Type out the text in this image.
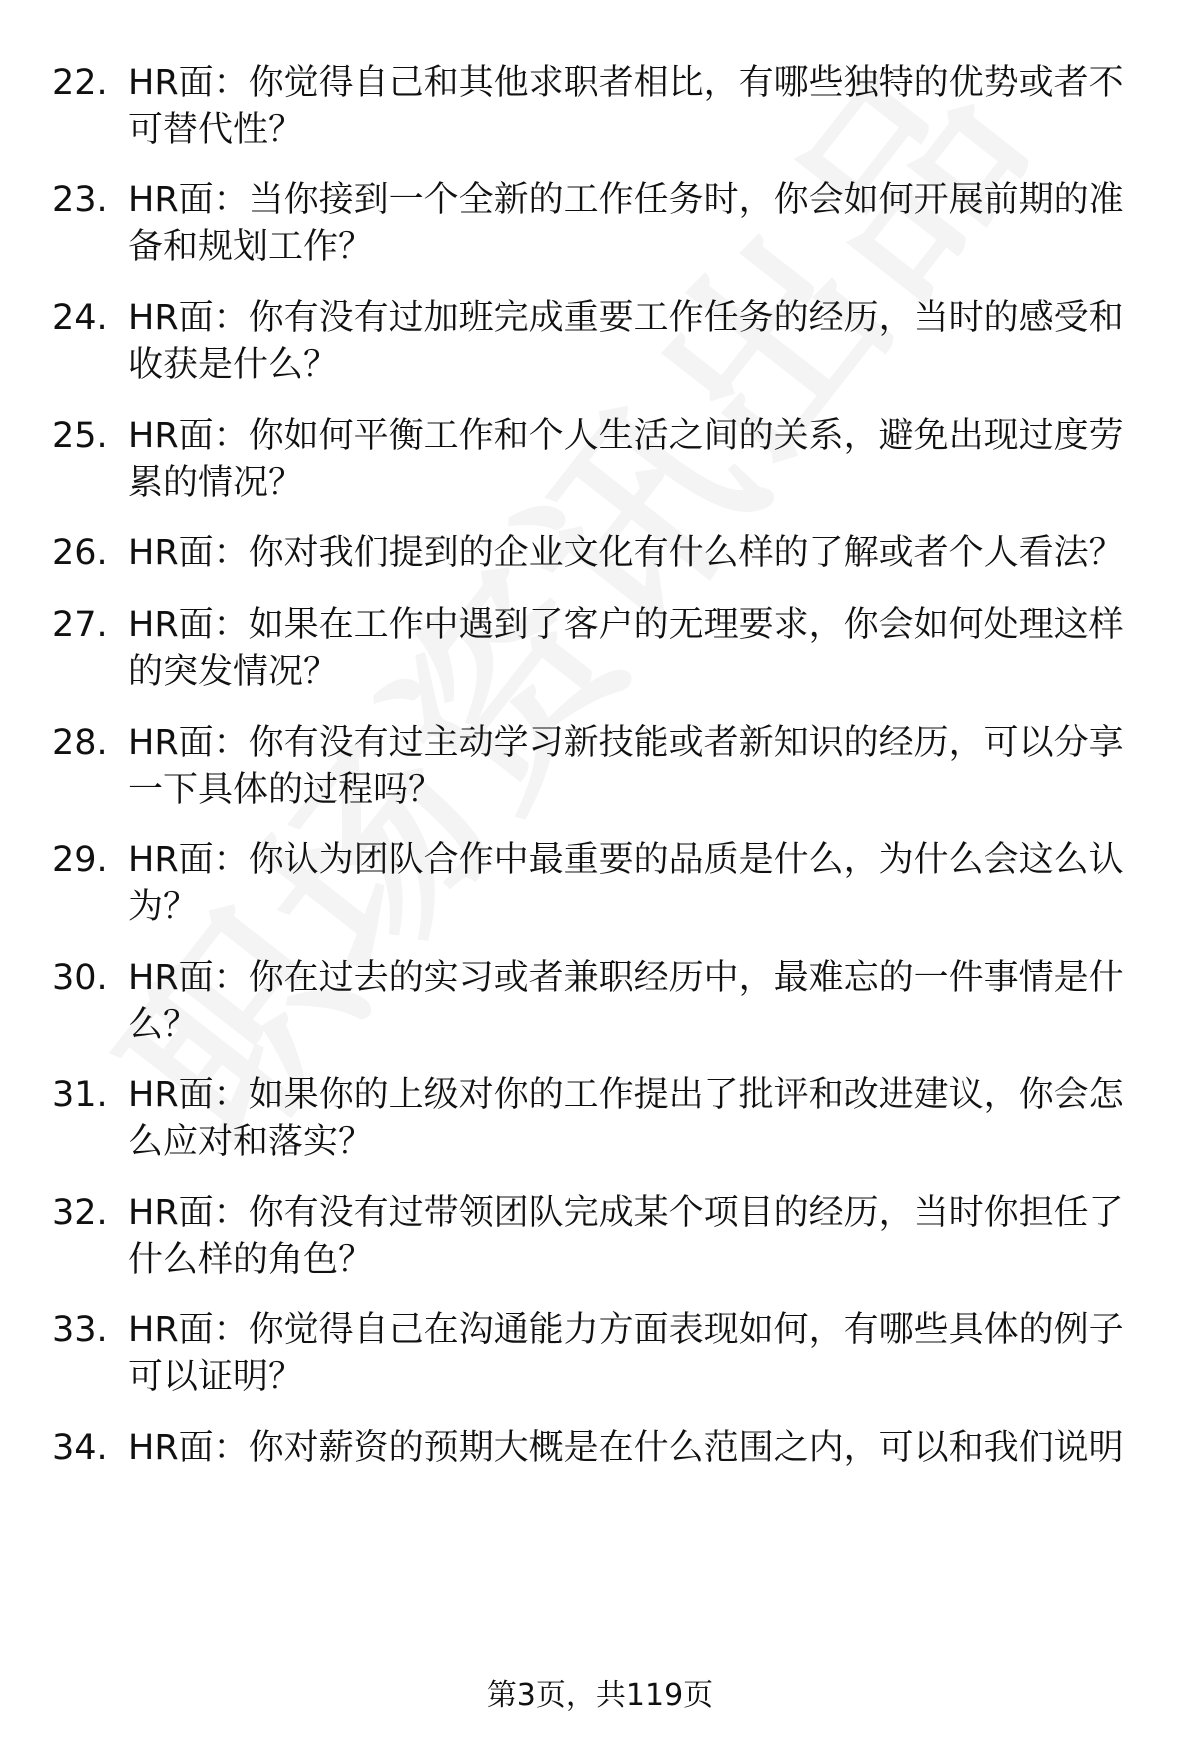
22. HR面：你觉得自己和其他求职者相比，有哪些独特的优势或者不可替代性？
23. HR面：当你接到一个全新的工作任务时，你会如何开展前期的准备和规划工作？
24. HR面：你有没有过加班完成重要工作任务的经历，当时的感受和收获是什么？
25. HR面：你如何平衡工作和个人生活之间的关系，避免出现过度劳累的情况？
26. HR面：你对我们提到的企业文化有什么样的了解或者个人看法？
27. HR面：如果在工作中遇到了客户的无理要求，你会如何处理这样的突发情况？
28. HR面：你有没有过主动学习新技能或者新知识的经历，可以分享一下具体的过程吗？
29. HR面：你认为团队合作中最重要的品质是什么，为什么会这么认为？
30. HR面：你在过去的实习或者兼职经历中，最难忘的一件事情是什么？
31. HR面：如果你的上级对你的工作提出了批评和改进建议，你会怎么应对和落实？
32. HR面：你有没有过带领团队完成某个项目的经历，当时你担任了什么样的角色？
33. HR面：你觉得自己在沟通能力方面表现如何，有哪些具体的例子可以证明？
34. HR面：你对薪资的预期大概是在什么范围之内，可以和我们说明
第3页，共119页
